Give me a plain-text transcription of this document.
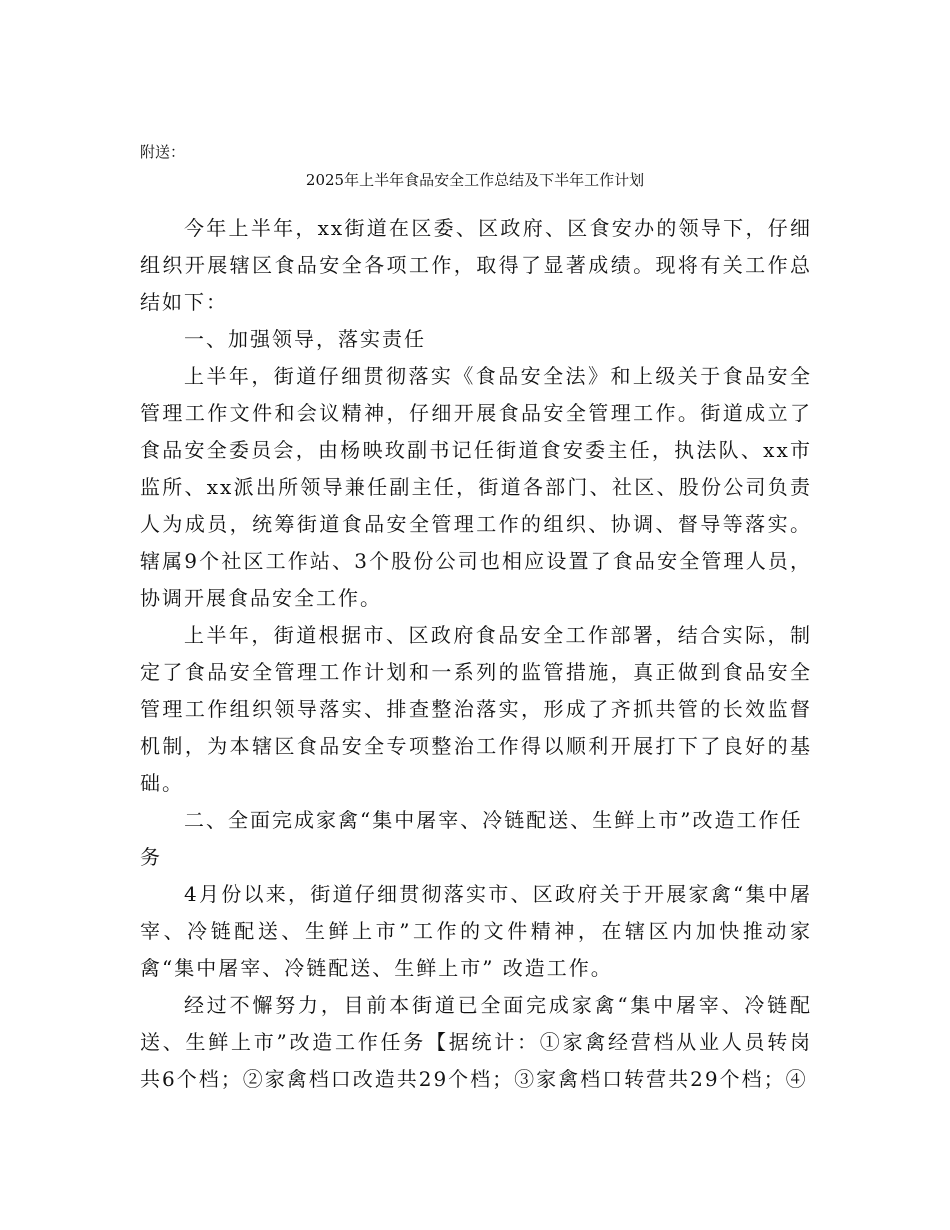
附送：

2025年上半年食品安全工作总结及下半年工作计划

今年上半年，xx街道在区委、区政府、区食安办的领导下，仔细组织开展辖区食品安全各项工作，取得了显著成绩。现将有关工作总结如下：

一、加强领导，落实责任

上半年，街道仔细贯彻落实《食品安全法》和上级关于食品安全管理工作文件和会议精神，仔细开展食品安全管理工作。街道成立了食品安全委员会，由杨映玫副书记任街道食安委主任，执法队、xx市监所、xx派出所领导兼任副主任，街道各部门、社区、股份公司负责人为成员，统筹街道食品安全管理工作的组织、协调、督导等落实。辖属9个社区工作站、3个股份公司也相应设置了食品安全管理人员，协调开展食品安全工作。

上半年，街道根据市、区政府食品安全工作部署，结合实际，制定了食品安全管理工作计划和一系列的监管措施，真正做到食品安全管理工作组织领导落实、排查整治落实，形成了齐抓共管的长效监督机制，为本辖区食品安全专项整治工作得以顺利开展打下了良好的基础。

二、全面完成家禽“集中屠宰、冷链配送、生鲜上市”改造工作任务

4月份以来，街道仔细贯彻落实市、区政府关于开展家禽“集中屠宰、冷链配送、生鲜上市”工作的文件精神，在辖区内加快推动家禽“集中屠宰、冷链配送、生鲜上市” 改造工作。

经过不懈努力，目前本街道已全面完成家禽“集中屠宰、冷链配送、生鲜上市”改造工作任务【据统计：①家禽经营档从业人员转岗共6个档；②家禽档口改造共29个档；③家禽档口转营共29个档；④
